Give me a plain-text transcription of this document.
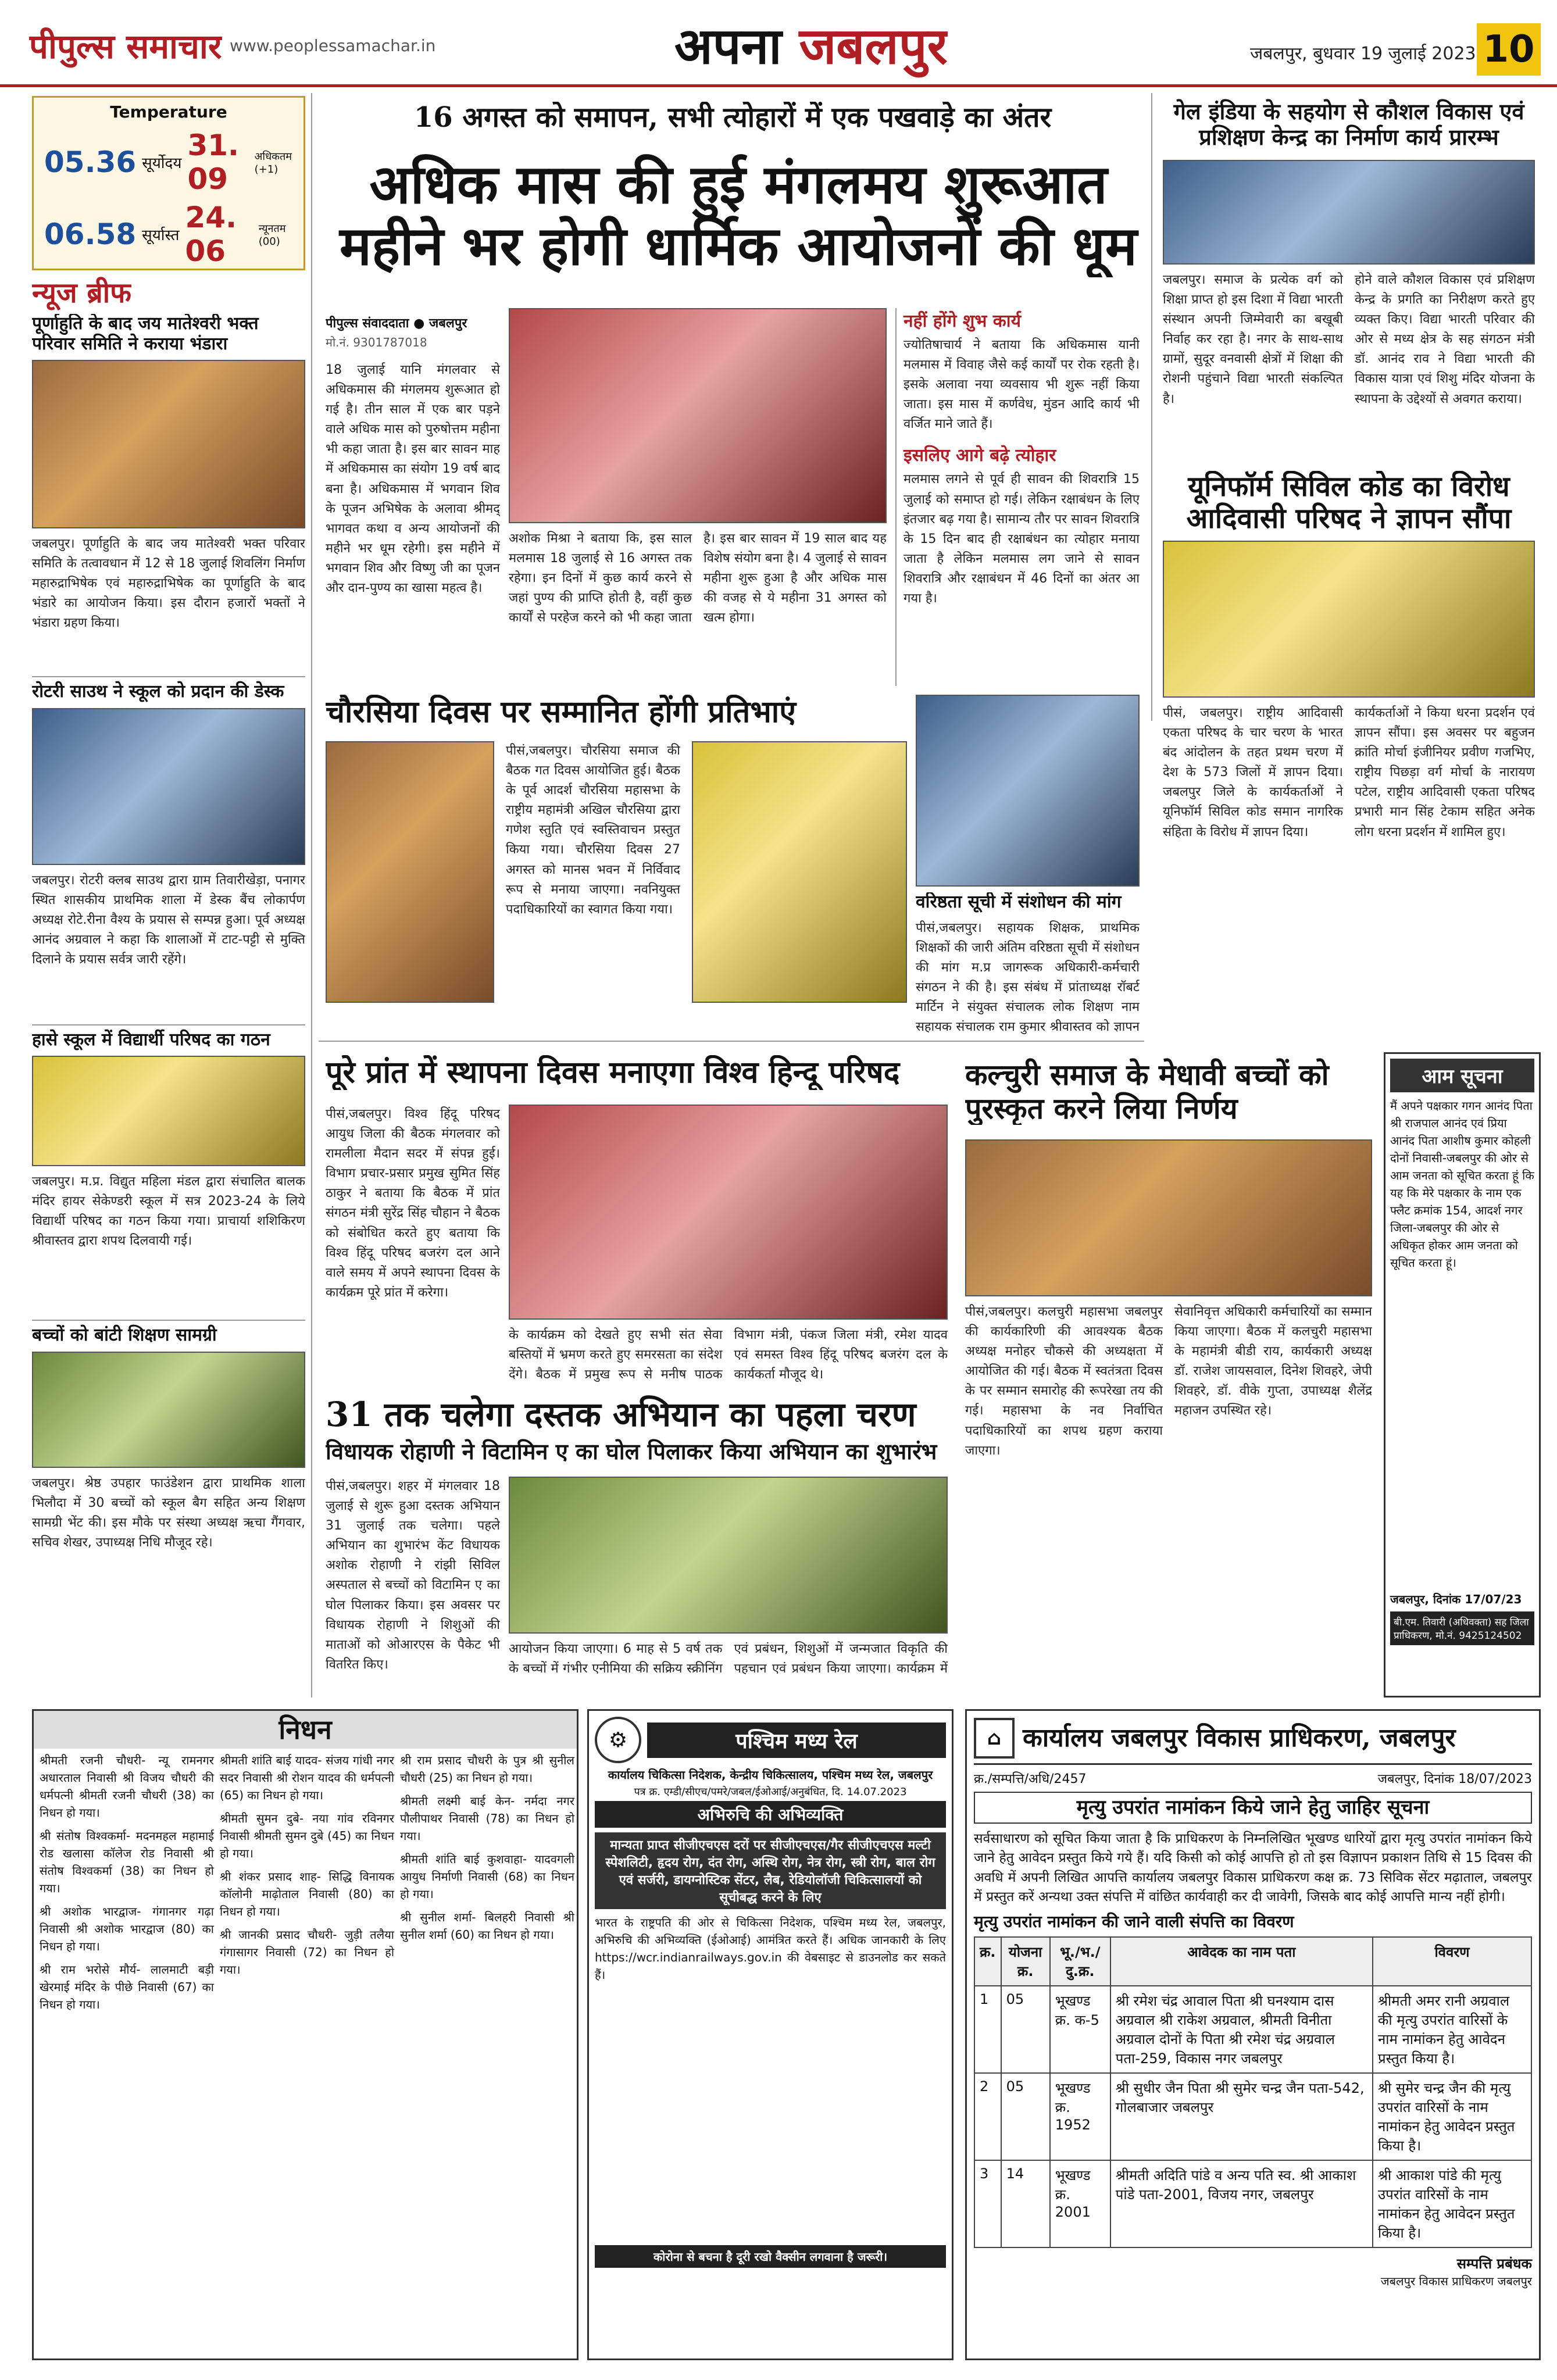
पीपुल्स समाचार www.peoplessamachar.in	अपना जबलपुर	जबलपुर, बुधवार 19 जुलाई 2023 10
Temperature
05.36 सूर्योदय
31. 09
अधिकतम (+1)
06.58 सूर्यास्त
24. 06
न्यूनतम (00)
न्यूज ब्रीफ
पूर्णाहुति के बाद जय मातेश्वरी भक्त परिवार समिति ने कराया भंडारा
जबलपुर। पूर्णाहुति के बाद जय मातेश्वरी भक्त परिवार समिति के तत्वावधान में 12 से 18 जुलाई शिवलिंग निर्माण महारुद्राभिषेक एवं महारुद्राभिषेक का पूर्णाहुति के बाद भंडारे का आयोजन किया। इस दौरान हजारों भक्तों ने भंडारा ग्रहण किया।
रोटरी साउथ ने स्कूल को प्रदान की डेस्क
जबलपुर। रोटरी क्लब साउथ द्वारा ग्राम तिवारीखेड़ा, पनागर स्थित शासकीय प्राथमिक शाला में डेस्क बैंच लोकार्पण अध्यक्ष रोटे.रीना वैश्य के प्रयास से सम्पन्न हुआ। पूर्व अध्यक्ष आनंद अग्रवाल ने कहा कि शालाओं में टाट-पट्टी से मुक्ति दिलाने के प्रयास सर्वत्र जारी रहेंगे।
हासे स्कूल में विद्यार्थी परिषद का गठन
जबलपुर। म.प्र. विद्युत महिला मंडल द्वारा संचालित बालक मंदिर हायर सेकेण्डरी स्कूल में सत्र 2023-24 के लिये विद्यार्थी परिषद का गठन किया गया। प्राचार्या शशिकिरण श्रीवास्तव द्वारा शपथ दिलवायी गई।
बच्चों को बांटी शिक्षण सामग्री
जबलपुर। श्रेष्ठ उपहार फाउंडेशन द्वारा प्राथमिक शाला भिलौदा में 30 बच्चों को स्कूल बैग सहित अन्य शिक्षण सामग्री भेंट की। इस मौके पर संस्था अध्यक्ष ऋचा गैंगवार, सचिव शेखर, उपाध्यक्ष निधि मौजूद रहे।
16 अगस्त को समापन, सभी त्योहारों में एक पखवाड़े का अंतर
अधिक मास की हुई मंगलमय शुरूआत महीने भर होगी धार्मिक आयोजनों की धूम
पीपुल्स संवाददाता ● जबलपुर
मो.नं. 9301787018
18 जुलाई यानि मंगलवार से अधिकमास की मंगलमय शुरूआत हो गई है। तीन साल में एक बार पड़ने वाले अधिक मास को पुरुषोत्तम महीना भी कहा जाता है। इस बार सावन माह में अधिकमास का संयोग 19 वर्ष बाद बना है। अधिकमास में भगवान शिव के पूजन अभिषेक के अलावा श्रीमद् भागवत कथा व अन्य आयोजनों की महीने भर धूम रहेगी। इस महीने में भगवान शिव और विष्णु जी का पूजन और दान-पुण्य का खासा महत्व है।
अशोक मिश्रा ने बताया कि, इस साल मलमास 18 जुलाई से 16 अगस्त तक रहेगा। इन दिनों में कुछ कार्य करने से जहां पुण्य की प्राप्ति होती है, वहीं कुछ कार्यों से परहेज करने को भी कहा जाता है। इस बार सावन में 19 साल बाद यह विशेष संयोग बना है। 4 जुलाई से सावन महीना शुरू हुआ है और अधिक मास की वजह से ये महीना 31 अगस्त को खत्म होगा।
नहीं होंगे शुभ कार्य
ज्योतिषाचार्य ने बताया कि अधिकमास यानी मलमास में विवाह जैसे कई कार्यों पर रोक रहती है। इसके अलावा नया व्यवसाय भी शुरू नहीं किया जाता। इस मास में कर्णवेध, मुंडन आदि कार्य भी वर्जित माने जाते हैं।
इसलिए आगे बढ़े त्योहार
मलमास लगने से पूर्व ही सावन की शिवरात्रि 15 जुलाई को समाप्त हो गई। लेकिन रक्षाबंधन के लिए इंतजार बढ़ गया है। सामान्य तौर पर सावन शिवरात्रि के 15 दिन बाद ही रक्षाबंधन का त्योहार मनाया जाता है लेकिन मलमास लग जाने से सावन शिवरात्रि और रक्षाबंधन में 46 दिनों का अंतर आ गया है।
चौरसिया दिवस पर सम्मानित होंगी प्रतिभाएं
पीसं,जबलपुर। चौरसिया समाज की बैठक गत दिवस आयोजित हुई। बैठक के पूर्व आदर्श चौरसिया महासभा के राष्ट्रीय महामंत्री अखिल चौरसिया द्वारा गणेश स्तुति एवं स्वस्तिवाचन प्रस्तुत किया गया। चौरसिया दिवस 27 अगस्त को मानस भवन में निर्विवाद रूप से मनाया जाएगा। नवनियुक्त पदाधिकारियों का स्वागत किया गया।	वरिष्ठता सूची में संशोधन की मांग
पीसं,जबलपुर। सहायक शिक्षक, प्राथमिक शिक्षकों की जारी अंतिम वरिष्ठता सूची में संशोधन की मांग म.प्र जागरूक अधिकारी-कर्मचारी संगठन ने की है। इस संबंध में प्रांताध्यक्ष रॉबर्ट मार्टिन ने संयुक्त संचालक लोक शिक्षण नाम सहायक संचालक राम कुमार श्रीवास्तव को ज्ञापन
पूरे प्रांत में स्थापना दिवस मनाएगा विश्व हिन्दू परिषद
पीसं,जबलपुर। विश्व हिंदू परिषद आयुध जिला की बैठक मंगलवार को रामलीला मैदान सदर में संपन्न हुई। विभाग प्रचार-प्रसार प्रमुख सुमित सिंह ठाकुर ने बताया कि बैठक में प्रांत संगठन मंत्री सुरेंद्र सिंह चौहान ने बैठक को संबोधित करते हुए बताया कि विश्व हिंदू परिषद बजरंग दल आने वाले समय में अपने स्थापना दिवस के कार्यक्रम पूरे प्रांत में करेगा।
के कार्यक्रम को देखते हुए सभी संत सेवा बस्तियों में भ्रमण करते हुए समरसता का संदेश देंगे। बैठक में प्रमुख रूप से मनीष पाठक विभाग मंत्री, पंकज जिला मंत्री, रमेश यादव एवं समस्त विश्व हिंदू परिषद बजरंग दल के कार्यकर्ता मौजूद थे।
31 तक चलेगा दस्तक अभियान का पहला चरण
विधायक रोहाणी ने विटामिन ए का घोल पिलाकर किया अभियान का शुभारंभ
पीसं,जबलपुर। शहर में मंगलवार 18 जुलाई से शुरू हुआ दस्तक अभियान 31 जुलाई तक चलेगा। पहले अभियान का शुभारंभ केंट विधायक अशोक रोहाणी ने रांझी सिविल अस्पताल से बच्चों को विटामिन ए का घोल पिलाकर किया। इस अवसर पर विधायक रोहाणी ने शिशुओं की माताओं को ओआरएस के पैकेट भी वितरित किए।
आयोजन किया जाएगा। 6 माह से 5 वर्ष तक के बच्चों में गंभीर एनीमिया की सक्रिय स्क्रीनिंग एवं प्रबंधन, शिशुओं में जन्मजात विकृति की पहचान एवं प्रबंधन किया जाएगा। कार्यक्रम में
गेल इंडिया के सहयोग से कौशल विकास एवं प्रशिक्षण केन्द्र का निर्माण कार्य प्रारम्भ
जबलपुर। समाज के प्रत्येक वर्ग को शिक्षा प्राप्त हो इस दिशा में विद्या भारती संस्थान अपनी जिम्मेवारी का बखूबी निर्वाह कर रहा है। नगर के साथ-साथ ग्रामों, सुदूर वनवासी क्षेत्रों में शिक्षा की रोशनी पहुंचाने विद्या भारती संकल्पित है।
होने वाले कौशल विकास एवं प्रशिक्षण केन्द्र के प्रगति का निरीक्षण करते हुए व्यक्त किए। विद्या भारती परिवार की ओर से मध्य क्षेत्र के सह संगठन मंत्री डॉ. आनंद राव ने विद्या भारती की विकास यात्रा एवं शिशु मंदिर योजना के स्थापना के उद्देश्यों से अवगत कराया।
यूनिफॉर्म सिविल कोड का विरोध आदिवासी परिषद ने ज्ञापन सौंपा
पीसं, जबलपुर। राष्ट्रीय आदिवासी एकता परिषद के चार चरण के भारत बंद आंदोलन के तहत प्रथम चरण में देश के 573 जिलों में ज्ञापन दिया। जबलपुर जिले के कार्यकर्ताओं ने यूनिफॉर्म सिविल कोड समान नागरिक संहिता के विरोध में ज्ञापन दिया।
कार्यकर्ताओं ने किया धरना प्रदर्शन एवं ज्ञापन सौंपा। इस अवसर पर बहुजन क्रांति मोर्चा इंजीनियर प्रवीण गजभिए, राष्ट्रीय पिछड़ा वर्ग मोर्चा के नारायण पटेल, राष्ट्रीय आदिवासी एकता परिषद प्रभारी मान सिंह टेकाम सहित अनेक लोग धरना प्रदर्शन में शामिल हुए।
कल्चुरी समाज के मेधावी बच्चों को पुरस्कृत करने लिया निर्णय
पीसं,जबलपुर। कलचुरी महासभा जबलपुर की कार्यकारिणी की आवश्यक बैठक अध्यक्ष मनोहर चौकसे की अध्यक्षता में आयोजित की गई। बैठक में स्वतंत्रता दिवस के पर सम्मान समारोह की रूपरेखा तय की गई। महासभा के नव निर्वाचित पदाधिकारियों का शपथ ग्रहण कराया जाएगा।
सेवानिवृत्त अधिकारी कर्मचारियों का सम्मान किया जाएगा। बैठक में कलचुरी महासभा के महामंत्री बीडी राय, कार्यकारी अध्यक्ष डॉ. राजेश जायसवाल, दिनेश शिवहरे, जेपी शिवहरे, डॉ. वीके गुप्ता, उपाध्यक्ष शैलेंद्र महाजन उपस्थित रहे।
आम सूचना
मैं अपने पक्षकार गगन आनंद पिता श्री राजपाल आनंद एवं प्रिया आनंद पिता आशीष कुमार कोहली दोनों निवासी-जबलपुर की ओर से आम जनता को सूचित करता हूं कि यह कि मेरे पक्षकार के नाम एक फ्लैट क्रमांक 154, आदर्श नगर जिला-जबलपुर की ओर से अधिकृत होकर आम जनता को सूचित करता हूं।
जबलपुर, दिनांक 17/07/23
बी.एम. तिवारी (अधिवक्ता) सह जिला प्राधिकरण, मो.नं. 9425124502
⌂ कार्यालय जबलपुर विकास प्राधिकरण, जबलपुर
क्र./सम्पत्ति/अधि/2457	जबलपुर, दिनांक 18/07/2023
मृत्यु उपरांत नामांकन किये जाने हेतु जाहिर सूचना
सर्वसाधारण को सूचित किया जाता है कि प्राधिकरण के निम्नलिखित भूखण्ड धारियों द्वारा मृत्यु उपरांत नामांकन किये जाने हेतु आवेदन प्रस्तुत किये गये हैं। यदि किसी को कोई आपत्ति हो तो इस विज्ञापन प्रकाशन तिथि से 15 दिवस की अवधि में अपनी लिखित आपत्ति कार्यालय जबलपुर विकास प्राधिकरण कक्ष क्र. 73 सिविक सेंटर मढ़ाताल, जबलपुर में प्रस्तुत करें अन्यथा उक्त संपत्ति में वांछित कार्यवाही कर दी जावेगी, जिसके बाद कोई आपत्ति मान्य नहीं होगी।
मृत्यु उपरांत नामांकन की जाने वाली संपत्ति का विवरण
क्र.	योजना क्र.	भू./भ./ दु.क्र.	आवेदक का नाम पता	विवरण
1	05	भूखण्ड क्र. क-5	श्री रमेश चंद्र आवाल पिता श्री घनश्याम दास अग्रवाल श्री राकेश अग्रवाल, श्रीमती विनीता अग्रवाल दोनों के पिता श्री रमेश चंद्र अग्रवाल पता-259, विकास नगर जबलपुर	श्रीमती अमर रानी अग्रवाल की मृत्यु उपरांत वारिसों के नाम नामांकन हेतु आवेदन प्रस्तुत किया है।
2	05	भूखण्ड क्र. 1952	श्री सुधीर जैन पिता श्री सुमेर चन्द्र जैन पता-542, गोलबाजार जबलपुर	श्री सुमेर चन्द्र जैन की मृत्यु उपरांत वारिसों के नाम नामांकन हेतु आवेदन प्रस्तुत किया है।
3	14	भूखण्ड क्र. 2001	श्रीमती अदिति पांडे व अन्य पति स्व. श्री आकाश पांडे पता-2001, विजय नगर, जबलपुर	श्री आकाश पांडे की मृत्यु उपरांत वारिसों के नाम नामांकन हेतु आवेदन प्रस्तुत किया है।
सम्पत्ति प्रबंधक
जबलपुर विकास प्राधिकरण जबलपुर
निधन

श्रीमती रजनी चौधरी- न्यू रामनगर अधारताल निवासी श्री विजय चौधरी की धर्मपत्नी श्रीमती रजनी चौधरी (38) का निधन हो गया।

श्री संतोष विश्वकर्मा- मदनमहल महामाई रोड खलासा कॉलेज रोड निवासी श्री संतोष विश्वकर्मा (38) का निधन हो गया।

श्री अशोक भारद्वाज- गंगानगर गढ़ा निवासी श्री अशोक भारद्वाज (80) का निधन हो गया।

श्री राम भरोसे मौर्य- लालमाटी बड़ी खेरमाई मंदिर के पीछे निवासी (67) का निधन हो गया।

श्रीमती शांति बाई यादव- संजय गांधी नगर सदर निवासी श्री रोशन यादव की धर्मपत्नी (65) का निधन हो गया।

श्रीमती सुमन दुबे- नया गांव रविनगर निवासी श्रीमती सुमन दुबे (45) का निधन हो गया।

श्री शंकर प्रसाद शाह- सिद्धि विनायक कॉलोनी माढ़ोताल निवासी (80) का निधन हो गया।

श्री जानकी प्रसाद चौधरी- जुड़ी तलैया गंगासागर निवासी (72) का निधन हो गया।

श्री राम प्रसाद चौधरी के पुत्र श्री सुनील चौधरी (25) का निधन हो गया।

श्रीमती लक्ष्मी बाई केन- नर्मदा नगर पौलीपाथर निवासी (78) का निधन हो गया।

श्रीमती शांति बाई कुशवाहा- यादवगली आयुध निर्माणी निवासी (68) का निधन हो गया।

श्री सुनील शर्मा- बिलहरी निवासी श्री सुनील शर्मा (60) का निधन हो गया।

⚙	पश्चिम मध्य रेल
कार्यालय चिकित्सा निदेशक, केन्द्रीय चिकित्सालय, पश्चिम मध्य रेल, जबलपुर
पत्र क्र. एम्डी/सीएच/पमरे/जबल/ईओआई/अनुबंधित, दि. 14.07.2023
अभिरुचि की अभिव्यक्ति
मान्यता प्राप्त सीजीएचएस दरों पर सीजीएचएस/गैर सीजीएचएस मल्टी स्पेशलिटी, हृदय रोग, दंत रोग, अस्थि रोग, नेत्र रोग, स्त्री रोग, बाल रोग एवं सर्जरी, डायग्नोस्टिक सेंटर, लैब, रेडियोलॉजी चिकित्सालयों को सूचीबद्ध करने के लिए
भारत के राष्ट्रपति की ओर से चिकित्सा निदेशक, पश्चिम मध्य रेल, जबलपुर, अभिरुचि की अभिव्यक्ति (ईओआई) आमंत्रित करते हैं। अधिक जानकारी के लिए https://wcr.indianrailways.gov.in की वेबसाइट से डाउनलोड कर सकते हैं।
कोरोना से बचना है दूरी रखो वैक्सीन लगवाना है जरूरी।
